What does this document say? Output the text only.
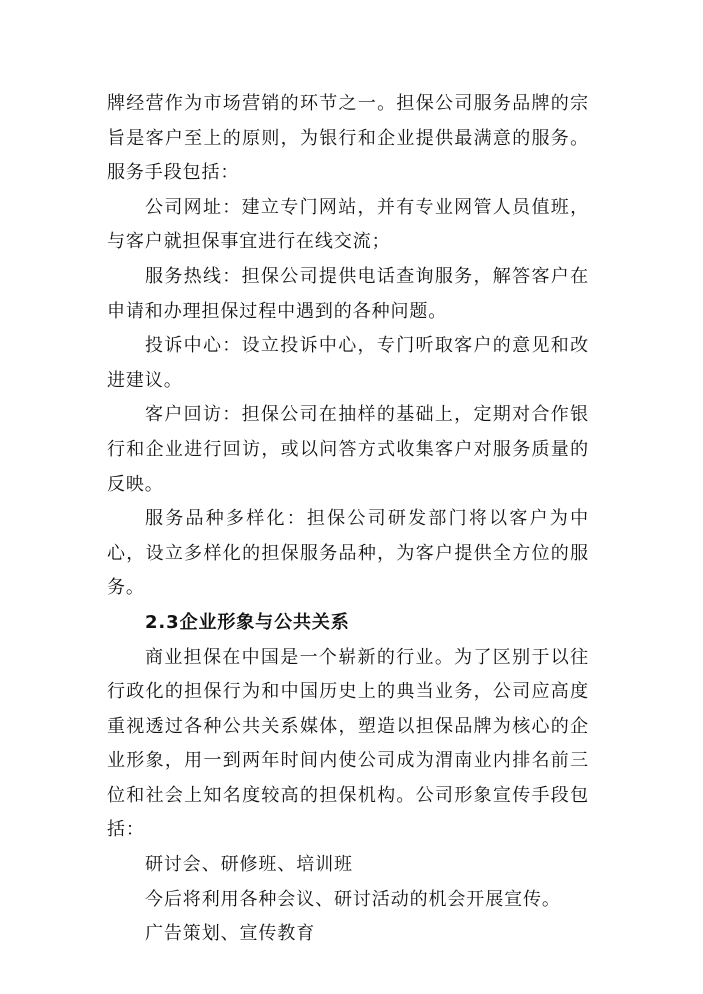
牌经营作为市场营销的环节之一。担保公司服务品牌的宗旨是客户至上的原则，为银行和企业提供最满意的服务。服务手段包括：

公司网址：建立专门网站，并有专业网管人员值班，与客户就担保事宜进行在线交流；

服务热线：担保公司提供电话查询服务，解答客户在申请和办理担保过程中遇到的各种问题。

投诉中心：设立投诉中心，专门听取客户的意见和改进建议。

客户回访：担保公司在抽样的基础上，定期对合作银行和企业进行回访，或以问答方式收集客户对服务质量的反映。

服务品种多样化：担保公司研发部门将以客户为中心，设立多样化的担保服务品种，为客户提供全方位的服务。

2.3企业形象与公共关系

商业担保在中国是一个崭新的行业。为了区别于以往行政化的担保行为和中国历史上的典当业务，公司应高度重视透过各种公共关系媒体，塑造以担保品牌为核心的企业形象，用一到两年时间内使公司成为渭南业内排名前三位和社会上知名度较高的担保机构。公司形象宣传手段包括：

研讨会、研修班、培训班

今后将利用各种会议、研讨活动的机会开展宣传。

广告策划、宣传教育
